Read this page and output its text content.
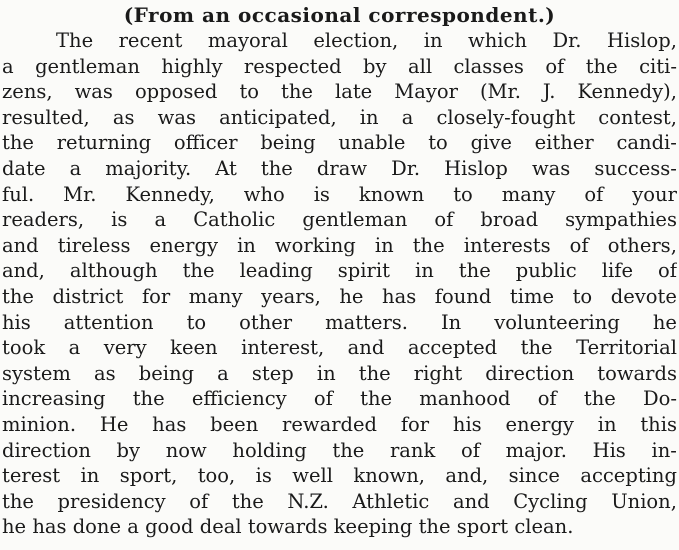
(From an occasional correspondent.)
The recent mayoral election, in which Dr. Hislop,
a gentleman highly respected by all classes of the citi-
zens, was opposed to the late Mayor (Mr. J. Kennedy),
resulted, as was anticipated, in a closely-fought contest,
the returning officer being unable to give either candi-
date a majority. At the draw Dr. Hislop was success-
ful. Mr. Kennedy, who is known to many of your
readers, is a Catholic gentleman of broad sympathies
and tireless energy in working in the interests of others,
and, although the leading spirit in the public life of
the district for many years, he has found time to devote
his attention to other matters. In volunteering he
took a very keen interest, and accepted the Territorial
system as being a step in the right direction towards
increasing the efficiency of the manhood of the Do-
minion. He has been rewarded for his energy in this
direction by now holding the rank of major. His in-
terest in sport, too, is well known, and, since accepting
the presidency of the N.Z. Athletic and Cycling Union,
he has done a good deal towards keeping the sport clean.
